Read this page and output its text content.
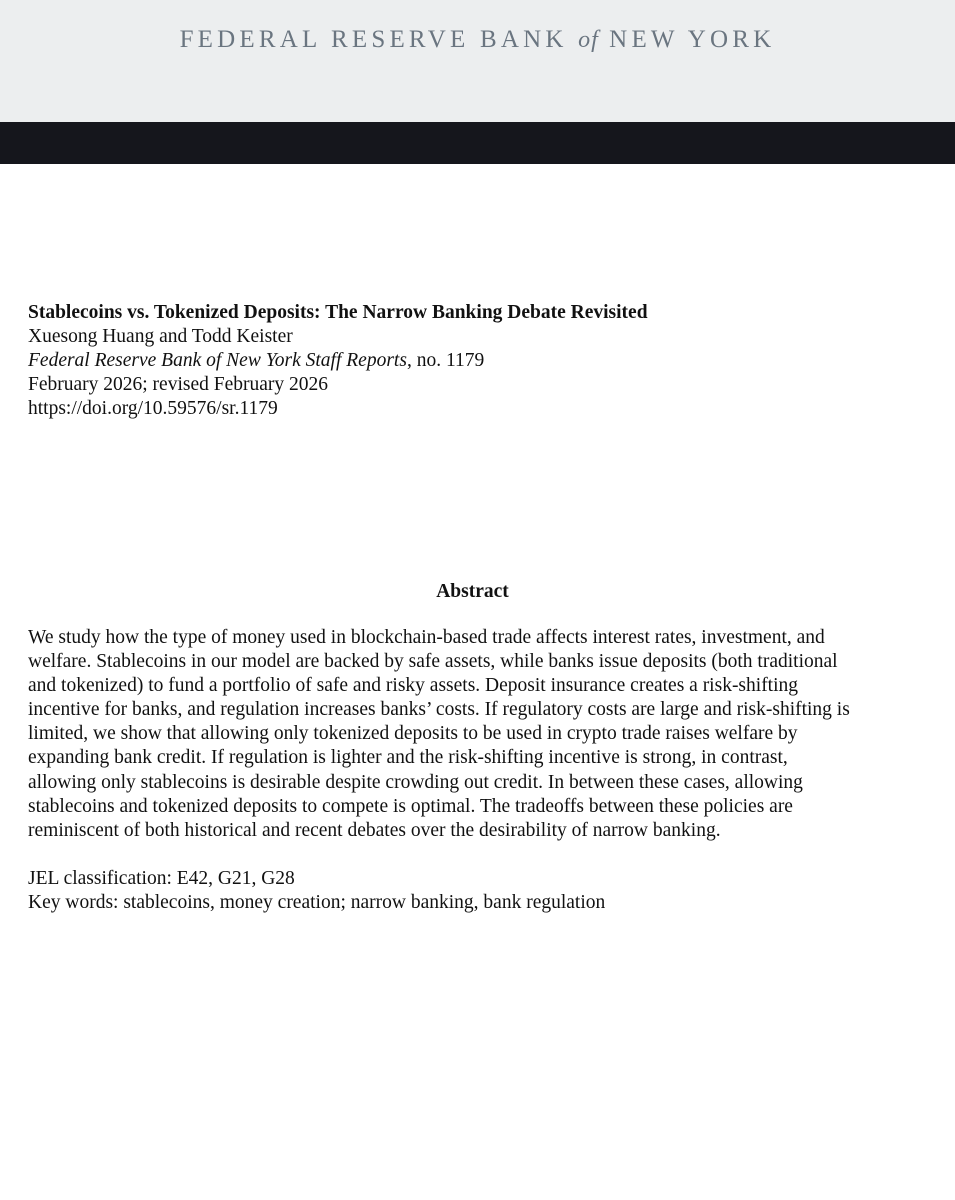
FEDERAL RESERVE BANK of NEW YORK
Stablecoins vs. Tokenized Deposits: The Narrow Banking Debate Revisited
Xuesong Huang and Todd Keister
Federal Reserve Bank of New York Staff Reports, no. 1179
February 2026; revised February 2026
https://doi.org/10.59576/sr.1179
Abstract
We study how the type of money used in blockchain-based trade affects interest rates, investment, and
welfare. Stablecoins in our model are backed by safe assets, while banks issue deposits (both traditional
and tokenized) to fund a portfolio of safe and risky assets. Deposit insurance creates a risk-shifting
incentive for banks, and regulation increases banks’ costs. If regulatory costs are large and risk-shifting is
limited, we show that allowing only tokenized deposits to be used in crypto trade raises welfare by
expanding bank credit. If regulation is lighter and the risk-shifting incentive is strong, in contrast,
allowing only stablecoins is desirable despite crowding out credit. In between these cases, allowing
stablecoins and tokenized deposits to compete is optimal. The tradeoffs between these policies are
reminiscent of both historical and recent debates over the desirability of narrow banking.
JEL classification: E42, G21, G28
Key words: stablecoins, money creation; narrow banking, bank regulation
